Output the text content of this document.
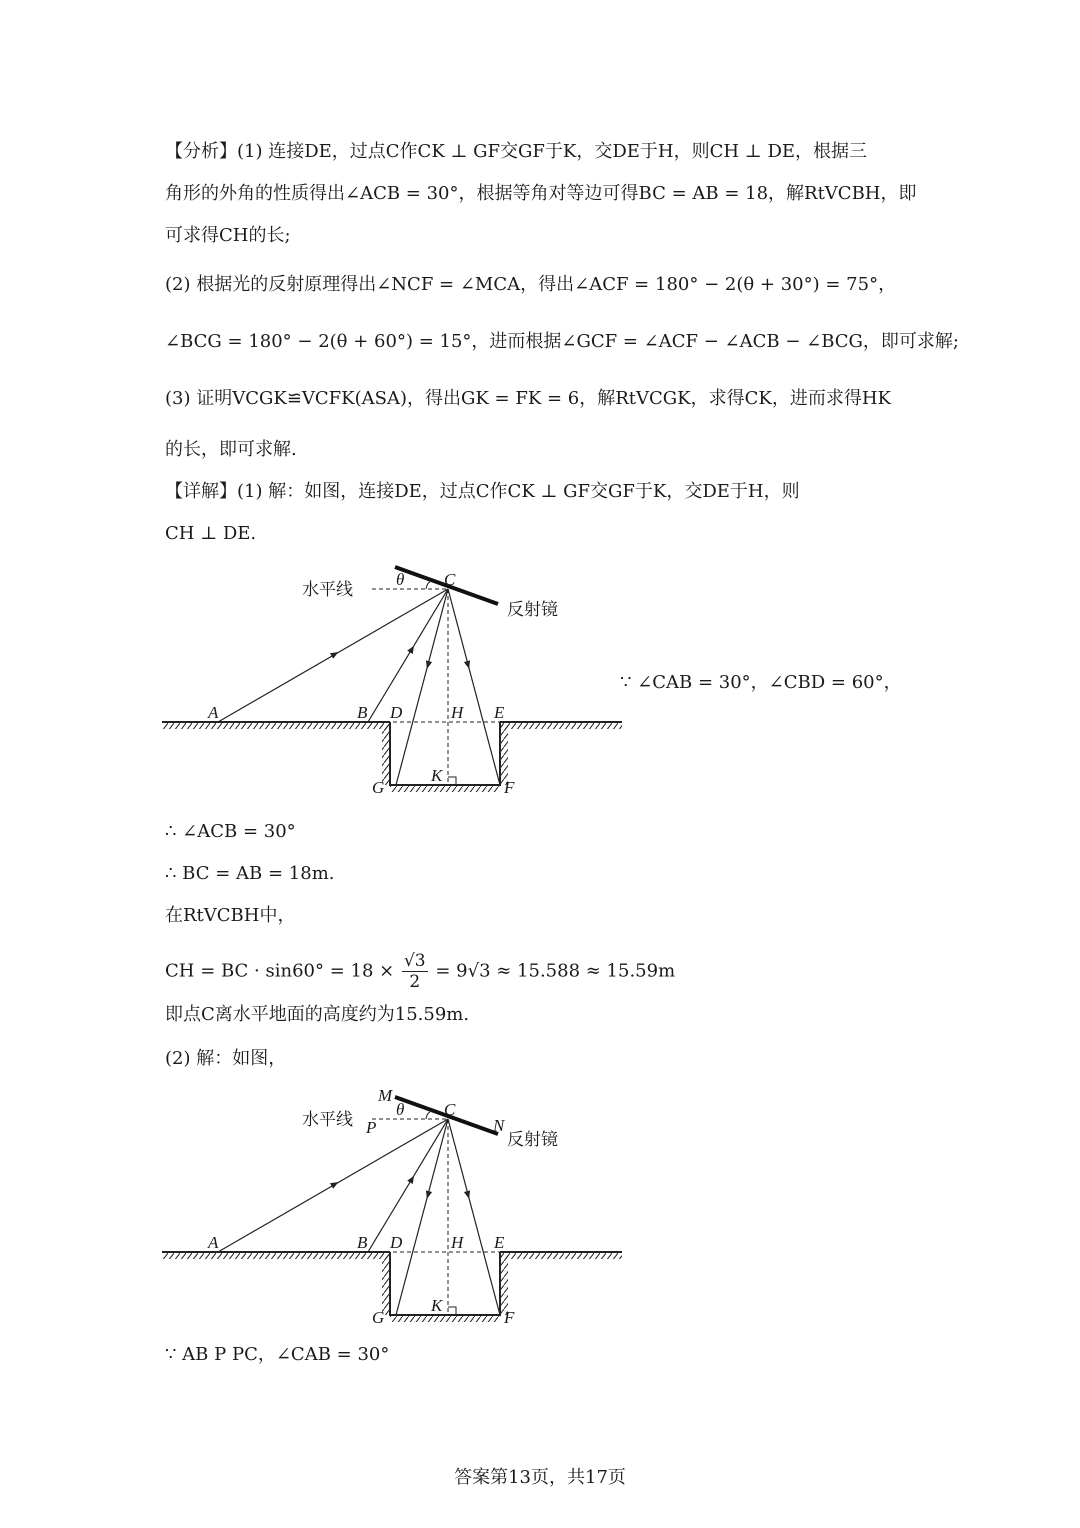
【分析】(1) 连接DE，过点C作CK ⊥ GF交GF于K，交DE于H，则CH ⊥ DE，根据三
角形的外角的性质得出∠ACB = 30°，根据等角对等边可得BC = AB = 18，解RtVCBH，即
可求得CH的长;
(2) 根据光的反射原理得出∠NCF = ∠MCA，得出∠ACF = 180° − 2(θ + 30°) = 75°，
∠BCG = 180° − 2(θ + 60°) = 15°，进而根据∠GCF = ∠ACF − ∠ACB − ∠BCG，即可求解;
(3) 证明VCGK≌VCFK(ASA)，得出GK = FK = 6，解RtVCGK，求得CK，进而求得HK
的长，即可求解.
【详解】(1) 解：如图，连接DE，过点C作CK ⊥ GF交GF于K，交DE于H，则
CH ⊥ DE.
水平线
反射镜
θ C
A	B D	H E
G
K
F
∵ ∠CAB = 30°，∠CBD = 60°，
∴ ∠ACB = 30°
∴ BC = AB = 18m.
在RtVCBH中，
CH = BC · $\sin 60^\circ = 18 \times \frac{√3}{2} = 9√3 \approx 15.588 \approx 15.59m$
即点C离水平地面的高度约为15.59m.
(2) 解：如图，
水平线
反射镜
M
P
θ C
N
A	B D	H E
G
K
F
∵ AB P PC，∠CAB = 30°
答案第13页，共17页
